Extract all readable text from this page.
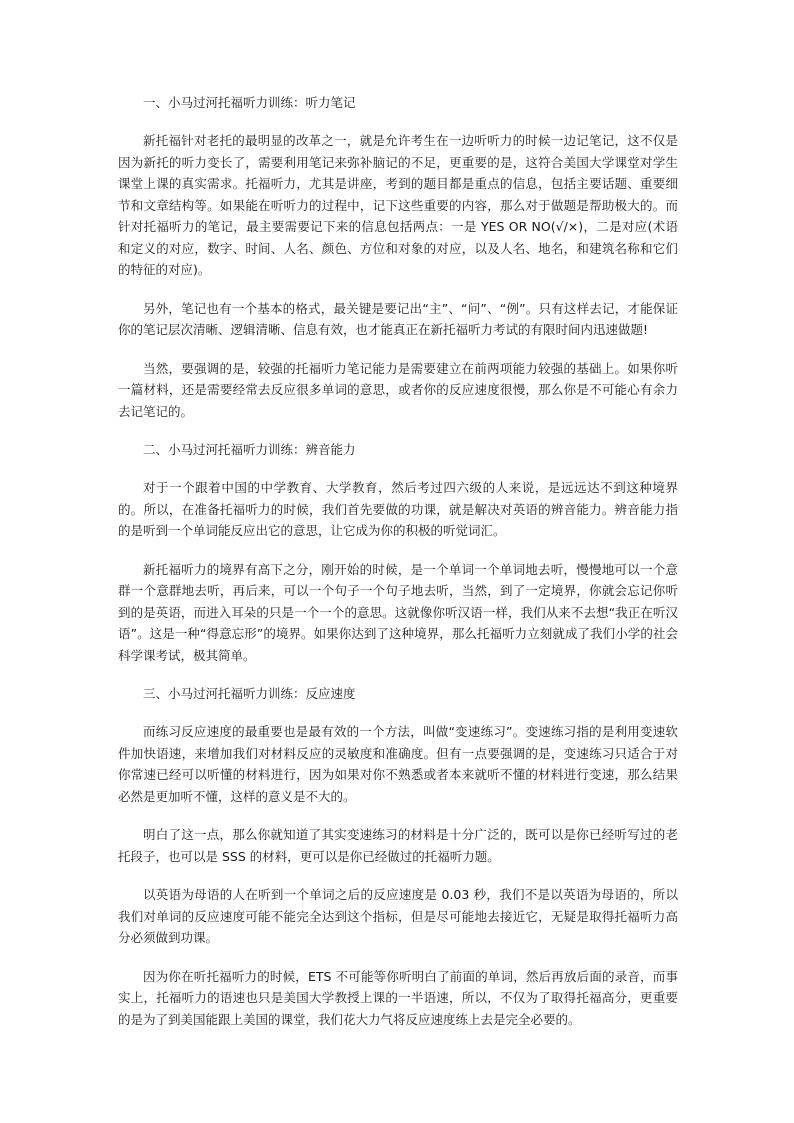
一、小马过河托福听力训练：听力笔记

新托福针对老托的最明显的改革之一，就是允许考生在一边听听力的时候一边记笔记，这不仅是因为新托的听力变长了，需要利用笔记来弥补脑记的不足，更重要的是，这符合美国大学课堂对学生课堂上课的真实需求。托福听力，尤其是讲座，考到的题目都是重点的信息，包括主要话题、重要细节和文章结构等。如果能在听听力的过程中，记下这些重要的内容，那么对于做题是帮助极大的。而针对托福听力的笔记，最主要需要记下来的信息包括两点：一是 YES OR NO(√/×)，二是对应(术语和定义的对应，数字、时间、人名、颜色、方位和对象的对应，以及人名、地名，和建筑名称和它们的特征的对应)。

另外，笔记也有一个基本的格式，最关键是要记出“主”、“问”、“例”。只有这样去记，才能保证你的笔记层次清晰、逻辑清晰、信息有效，也才能真正在新托福听力考试的有限时间内迅速做题!

当然，要强调的是，较强的托福听力笔记能力是需要建立在前两项能力较强的基础上。如果你听一篇材料，还是需要经常去反应很多单词的意思，或者你的反应速度很慢，那么你是不可能心有余力去记笔记的。

二、小马过河托福听力训练：辨音能力

对于一个跟着中国的中学教育、大学教育，然后考过四六级的人来说，是远远达不到这种境界的。所以，在准备托福听力的时候，我们首先要做的功课，就是解决对英语的辨音能力。辨音能力指的是听到一个单词能反应出它的意思，让它成为你的积极的听觉词汇。

新托福听力的境界有高下之分，刚开始的时候，是一个单词一个单词地去听，慢慢地可以一个意群一个意群地去听，再后来，可以一个句子一个句子地去听，当然，到了一定境界，你就会忘记你听到的是英语，而进入耳朵的只是一个一个的意思。这就像你听汉语一样，我们从来不去想“我正在听汉语”。这是一种“得意忘形”的境界。如果你达到了这种境界，那么托福听力立刻就成了我们小学的社会科学课考试，极其简单。

三、小马过河托福听力训练：反应速度

而练习反应速度的最重要也是最有效的一个方法，叫做“变速练习”。变速练习指的是利用变速软件加快语速，来增加我们对材料反应的灵敏度和准确度。但有一点要强调的是，变速练习只适合于对你常速已经可以听懂的材料进行，因为如果对你不熟悉或者本来就听不懂的材料进行变速，那么结果必然是更加听不懂，这样的意义是不大的。

明白了这一点，那么你就知道了其实变速练习的材料是十分广泛的，既可以是你已经听写过的老托段子，也可以是 SSS 的材料，更可以是你已经做过的托福听力题。

以英语为母语的人在听到一个单词之后的反应速度是 0.03 秒，我们不是以英语为母语的，所以我们对单词的反应速度可能不能完全达到这个指标，但是尽可能地去接近它，无疑是取得托福听力高分必须做到功课。

因为你在听托福听力的时候，ETS 不可能等你听明白了前面的单词，然后再放后面的录音，而事实上，托福听力的语速也只是美国大学教授上课的一半语速，所以，不仅为了取得托福高分，更重要的是为了到美国能跟上美国的课堂，我们花大力气将反应速度练上去是完全必要的。
